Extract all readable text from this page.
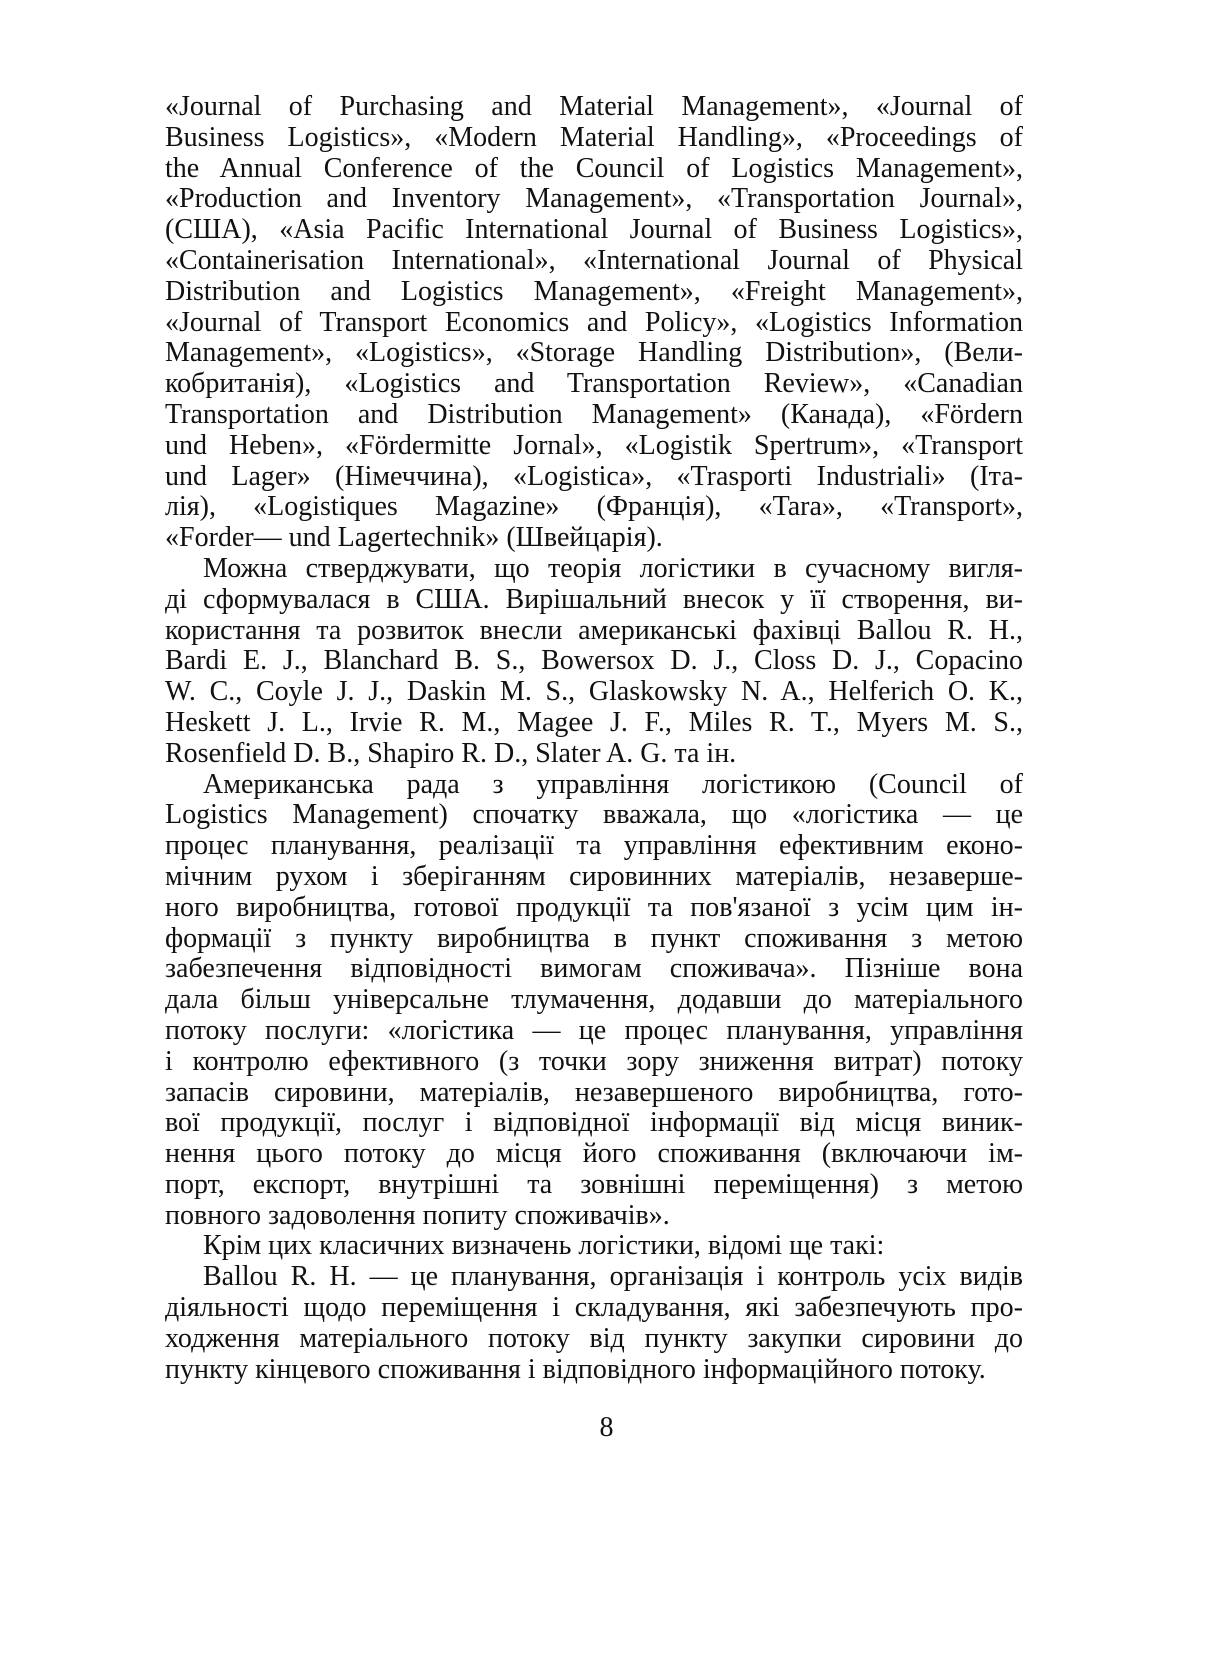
«Journal of Purchasing and Material Management», «Journal of
Business Logistics», «Modern Material Handling», «Proceedings of
the Annual Conference of the Council of Logistics Management»,
«Production and Inventory Management», «Transportation Journal»,
(США), «Asia Pacific International Journal of Business Logistics»,
«Containerisation International», «International Journal of Physical
Distribution and Logistics Management», «Freight Management»,
«Journal of Transport Economics and Policy», «Logistics Information
Management», «Logistics», «Storage Handling Distribution», (Вели-
кобританія), «Logistics and Transportation Review», «Canadian
Transportation and Distribution Management» (Канада), «Fördern
und Heben», «Fördermitte Jornal», «Logistik Spertrum», «Transport
und Lager» (Німеччина), «Logistica», «Trasporti Industriali» (Іта-
лія), «Logistiques Magazine» (Франція), «Tara», «Transport»,
«Forder— und Lagertechnik» (Швейцарія).
Можна стверджувати, що теорія логістики в сучасному вигля-
ді сформувалася в США. Вирішальний внесок у її створення, ви-
користання та розвиток внесли американські фахівці Ballou R. H.,
Bardi E. J., Blanchard B. S., Bowersox D. J., Closs D. J., Copacino
W. C., Coyle J. J., Daskin M. S., Glaskowsky N. A., Helferich O. K.,
Heskett J. L., Irvie R. M., Magee J. F., Miles R. T., Myers M. S.,
Rosenfield D. B., Shapiro R. D., Slater A. G. та ін.
Американська рада з управління логістикою (Council of
Logistics Management) спочатку вважала, що «логістика — це
процес планування, реалізації та управління ефективним еконо-
мічним рухом і зберіганням сировинних матеріалів, незаверше-
ного виробництва, готової продукції та пов'язаної з усім цим ін-
формації з пункту виробництва в пункт споживання з метою
забезпечення відповідності вимогам споживача». Пізніше вона
дала більш універсальне тлумачення, додавши до матеріального
потоку послуги: «логістика — це процес планування, управління
і контролю ефективного (з точки зору зниження витрат) потоку
запасів сировини, матеріалів, незавершеного виробництва, гото-
вої продукції, послуг і відповідної інформації від місця виник-
нення цього потоку до місця його споживання (включаючи ім-
порт, експорт, внутрішні та зовнішні переміщення) з метою
повного задоволення попиту споживачів».
Крім цих класичних визначень логістики, відомі ще такі:
Ballou R. H. — це планування, організація і контроль усіх видів
діяльності щодо переміщення і складування, які забезпечують про-
ходження матеріального потоку від пункту закупки сировини до
пункту кінцевого споживання і відповідного інформаційного потоку.
8
